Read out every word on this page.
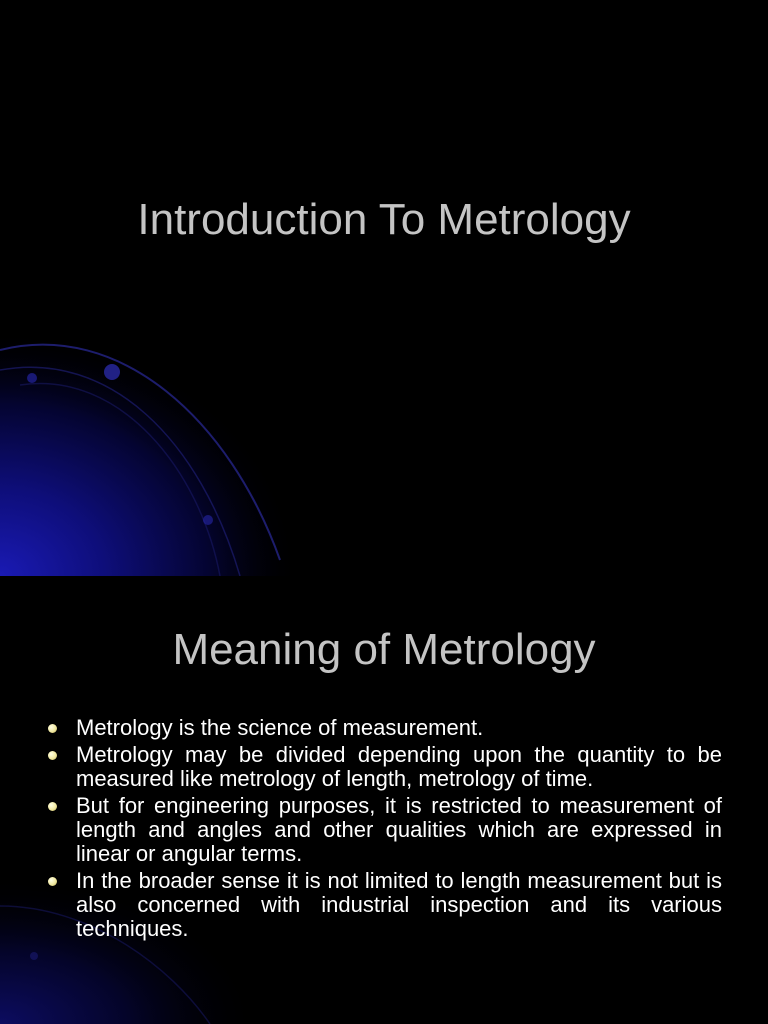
Introduction To Metrology
Meaning of Metrology
Metrology is the science of measurement.
Metrology may be divided depending upon the quantity to be measured like metrology of length, metrology of time.
But for engineering purposes, it is restricted to measurement of length and angles and other qualities which are expressed in linear or angular terms.
In the broader sense it is not limited to length measurement but is also concerned with industrial inspection and its various techniques.
